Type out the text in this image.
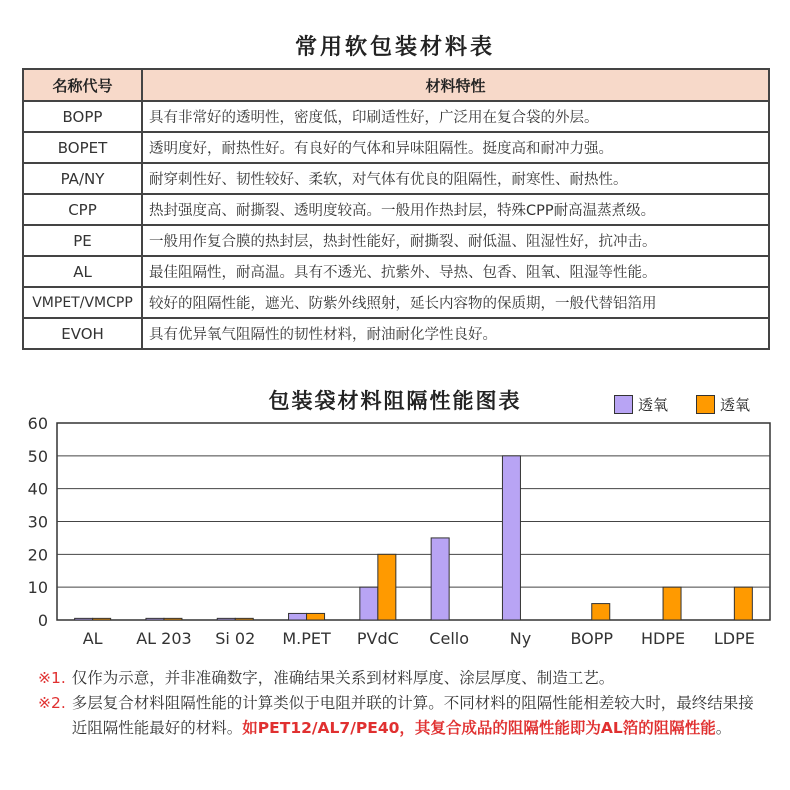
常用软包装材料表
名称代号	材料特性
BOPP	具有非常好的透明性，密度低，印刷适性好，广泛用在复合袋的外层。
BOPET	透明度好，耐热性好。有良好的气体和异味阻隔性。挺度高和耐冲力强。
PA/NY	耐穿刺性好、韧性较好、柔软，对气体有优良的阻隔性，耐寒性、耐热性。
CPP	热封强度高、耐撕裂、透明度较高。一般用作热封层，特殊CPP耐高温蒸煮级。
PE	一般用作复合膜的热封层，热封性能好，耐撕裂、耐低温、阻湿性好，抗冲击。
AL	最佳阻隔性，耐高温。具有不透光、抗紫外、导热、包香、阻氧、阻湿等性能。
VMPET/VMCPP	较好的阻隔性能，遮光、防紫外线照射，延长内容物的保质期，一般代替铝箔用
EVOH	具有优异氧气阻隔性的韧性材料，耐油耐化学性良好。
包装袋材料阻隔性能图表	透氧	透氧
0
10
20
30
40
50
60
AL AL 203 Si 02 M.PET PVdC Cello	Ny BOPP HDPE LDPE
※1. 仅作为示意，并非准确数字，准确结果关系到材料厚度、涂层厚度、制造工艺。
※2. 多层复合材料阻隔性能的计算类似于电阻并联的计算。不同材料的阻隔性能相差较大时，最终结果接近阻隔性能最好的材料。如PET12/AL7/PE40，其复合成品的阻隔性能即为AL箔的阻隔性能。
